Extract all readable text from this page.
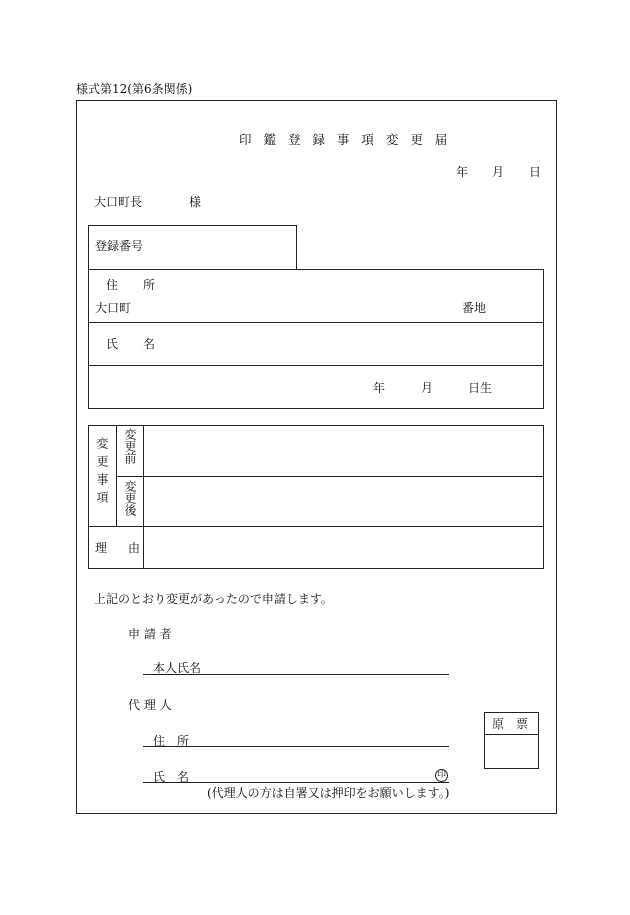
様式第12(第6条関係)
印 鑑 登 録 事 項 変 更 届
年 月 日
大口町長	様
登録番号
住 所
大口町	番地
氏 名
年	月	日生
変更事項 変更前
変更後
理 由
上記のとおり変更があったので申請します。
申 請 者
本人氏名
代 理 人
住　所
氏　名	印
(代理人の方は自署又は押印をお願いします。)
原　票
